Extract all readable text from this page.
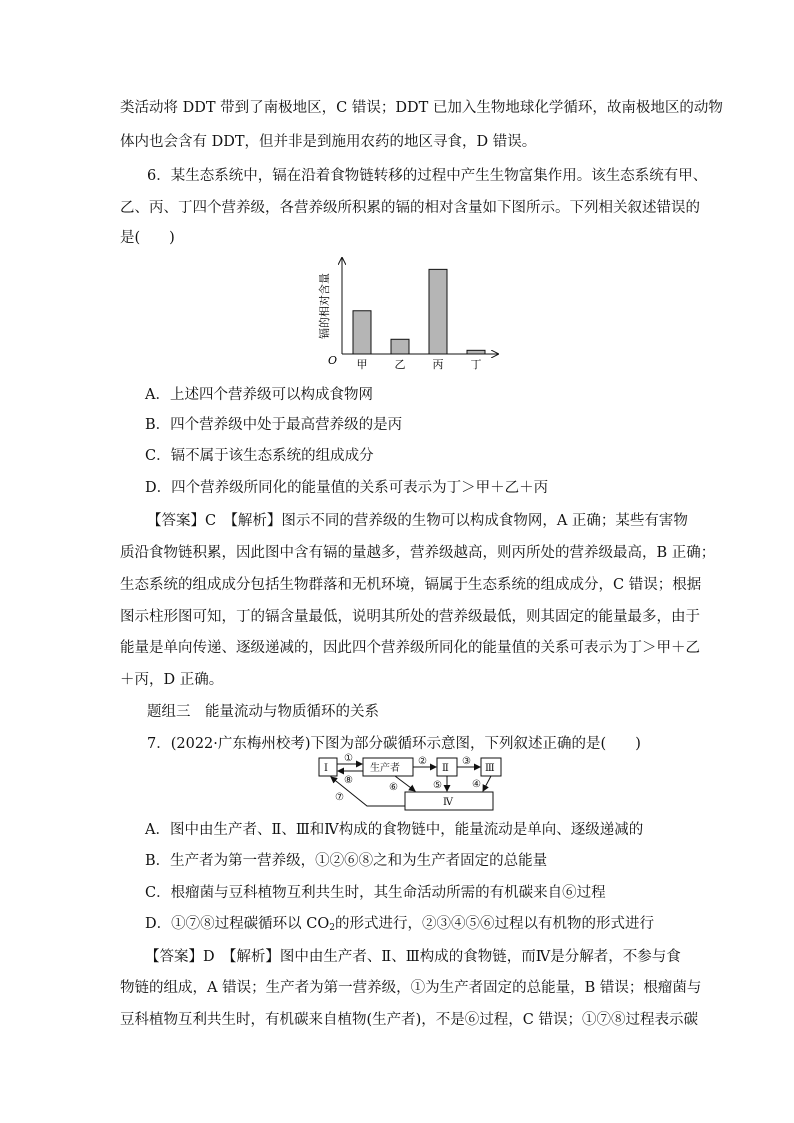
类活动将 DDT 带到了南极地区，C 错误；DDT 已加入生物地球化学循环，故南极地区的动物
体内也会含有 DDT，但并非是到施用农药的地区寻食，D 错误。
6．某生态系统中，镉在沿着食物链转移的过程中产生生物富集作用。该生态系统有甲、
乙、丙、丁四个营养级，各营养级所积累的镉的相对含量如下图所示。下列相关叙述错误的
是(　　)
O
镉的相对含量
甲 乙 丙 丁
A．上述四个营养级可以构成食物网
B．四个营养级中处于最高营养级的是丙
C．镉不属于该生态系统的组成成分
D．四个营养级所同化的能量值的关系可表示为丁＞甲＋乙＋丙
【答案】C　【解析】图示不同的营养级的生物可以构成食物网，A 正确；某些有害物
质沿食物链积累，因此图中含有镉的量越多，营养级越高，则丙所处的营养级最高，B 正确；
生态系统的组成成分包括生物群落和无机环境，镉属于生态系统的组成成分，C 错误；根据
图示柱形图可知，丁的镉含量最低，说明其所处的营养级最低，则其固定的能量最多，由于
能量是单向传递、逐级递减的，因此四个营养级所同化的能量值的关系可表示为丁＞甲＋乙
＋丙，D 正确。
题组三　能量流动与物质循环的关系
7．(2022·广东梅州校考)下图为部分碳循环示意图，下列叙述正确的是(　　)
Ⅰ	生产者	Ⅱ	Ⅲ
Ⅳ
①
⑧
②	③
④
⑤
⑥
⑦
A．图中由生产者、Ⅱ、Ⅲ和Ⅳ构成的食物链中，能量流动是单向、逐级递减的
B．生产者为第一营养级，①②⑥⑧之和为生产者固定的总能量
C．根瘤菌与豆科植物互利共生时，其生命活动所需的有机碳来自⑥过程
D．①⑦⑧过程碳循环以 $CO_2$的形式进行，②③④⑤⑥过程以有机物的形式进行
【答案】D　【解析】图中由生产者、Ⅱ、Ⅲ构成的食物链，而Ⅳ是分解者，不参与食
物链的组成，A 错误；生产者为第一营养级，①为生产者固定的总能量，B 错误；根瘤菌与
豆科植物互利共生时，有机碳来自植物(生产者)，不是⑥过程，C 错误；①⑦⑧过程表示碳
